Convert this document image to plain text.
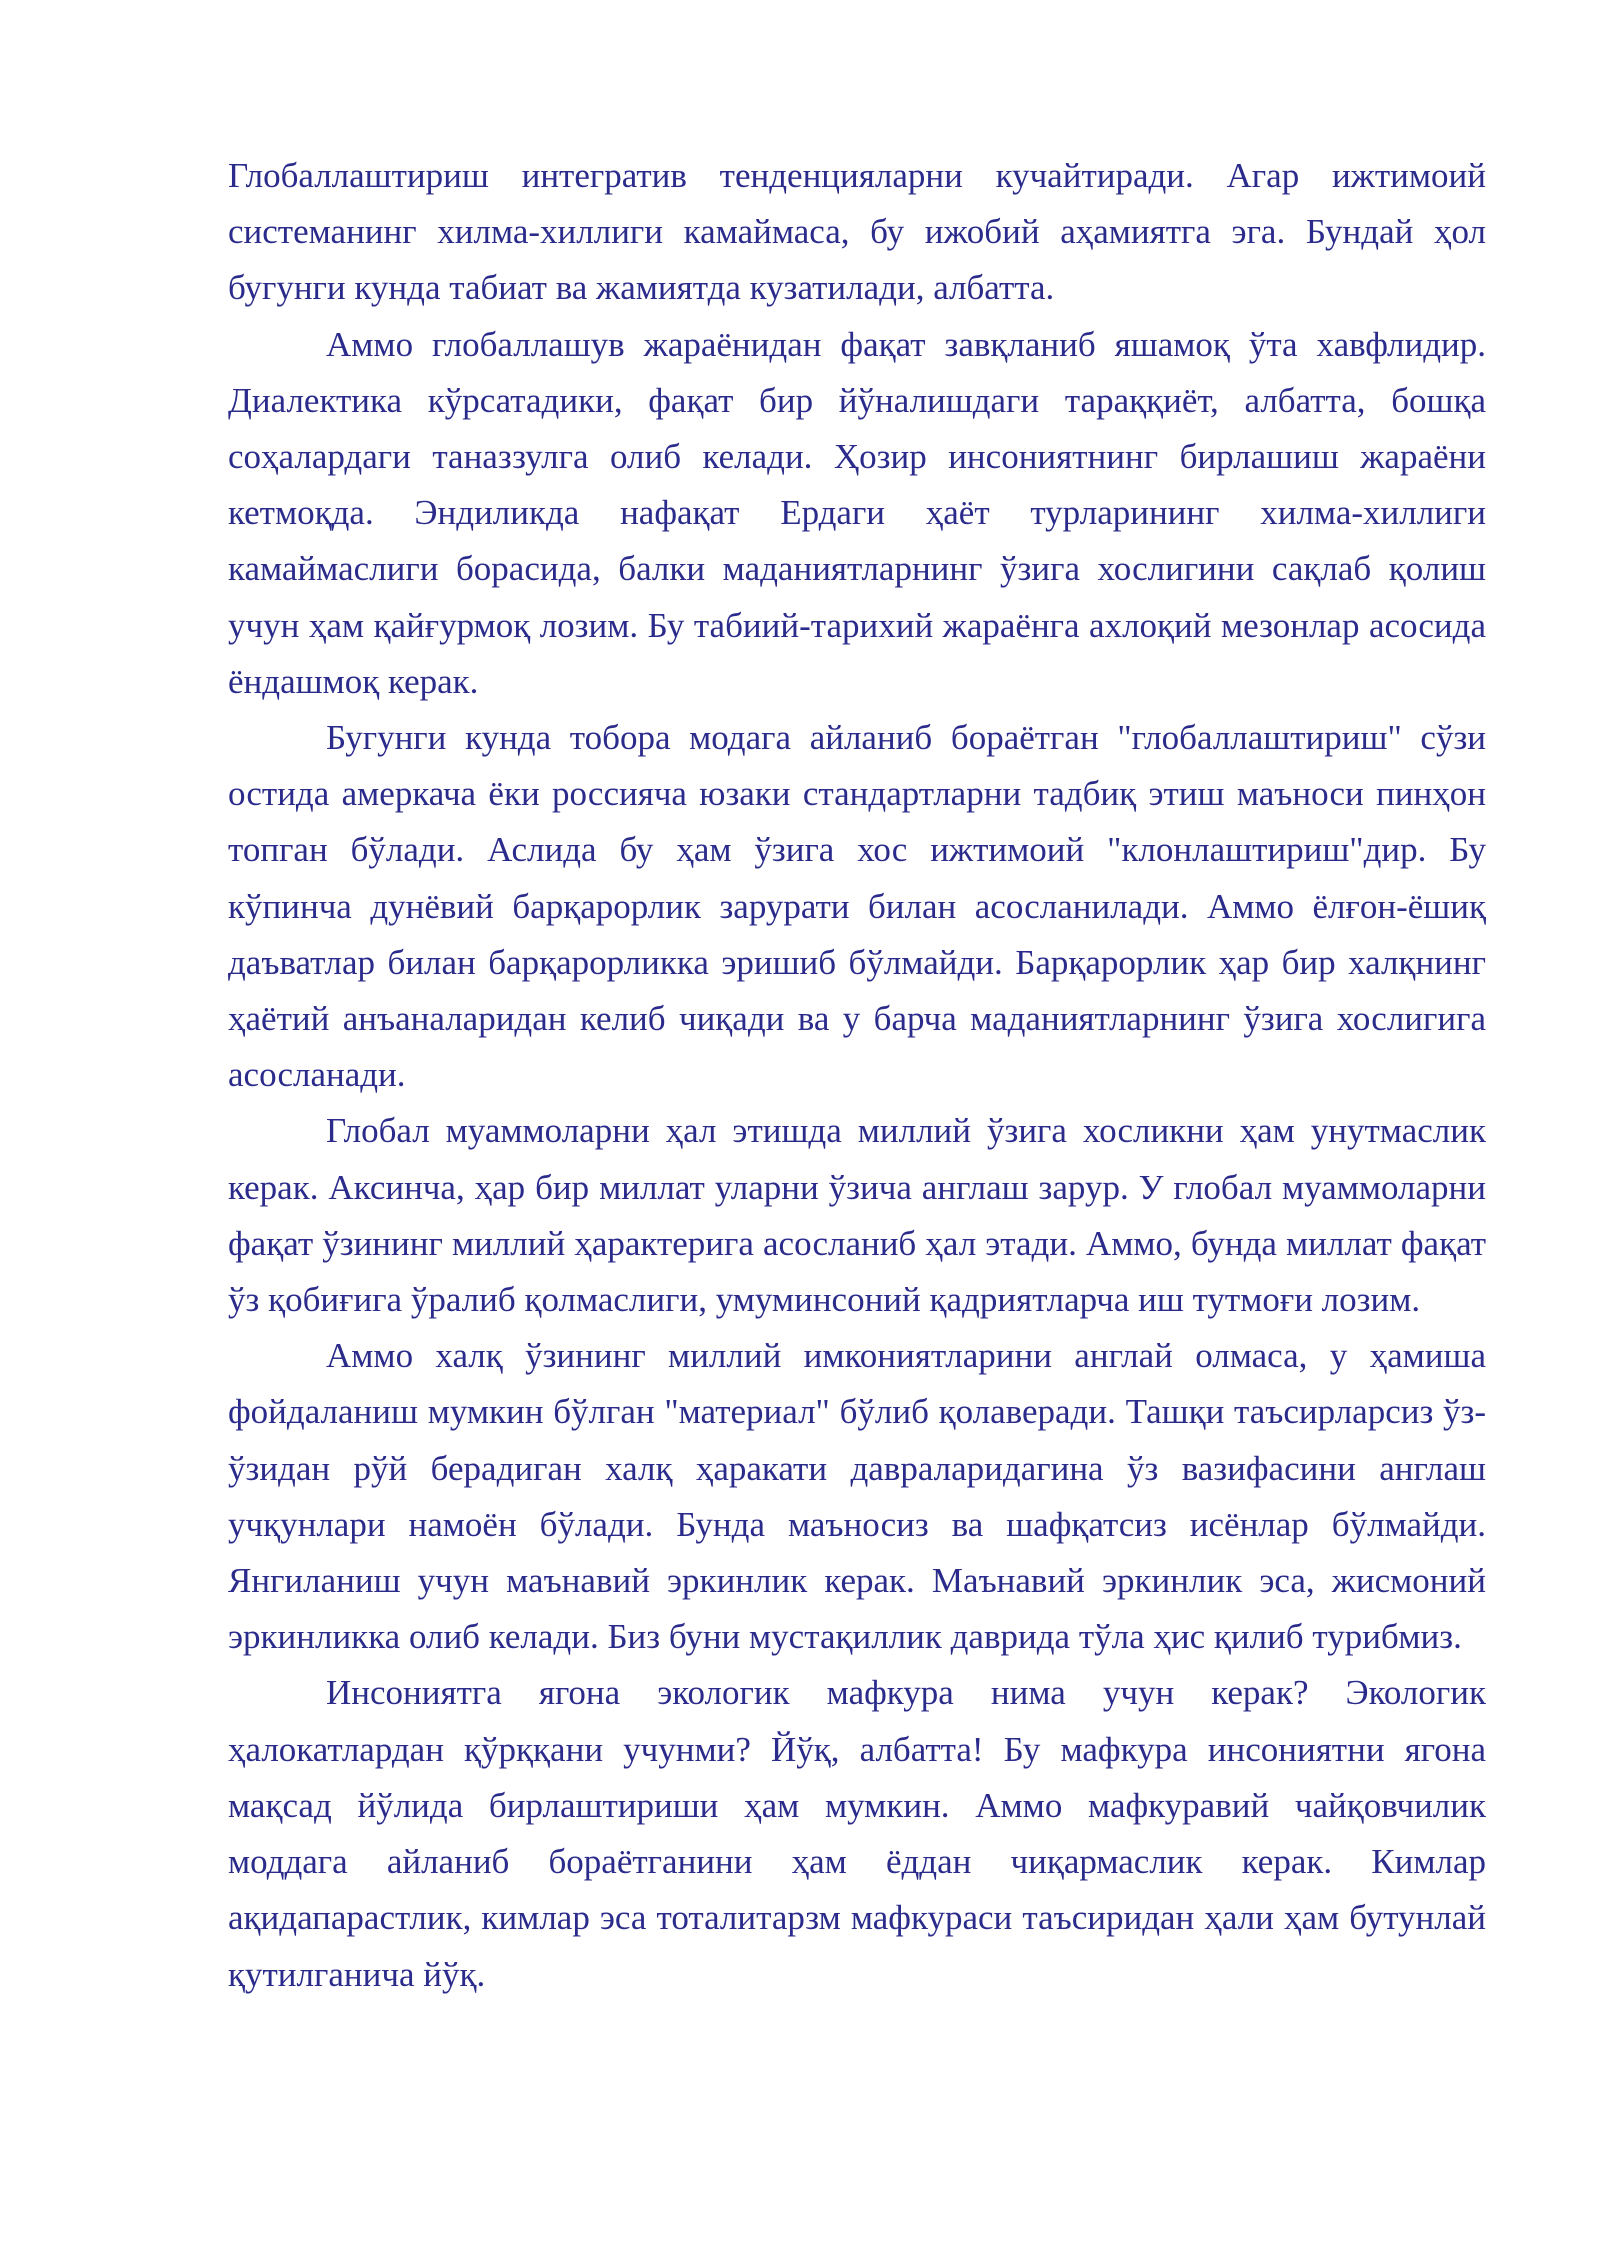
Глобаллаштириш интегратив тенденцияларни кучайтиради. Агар ижтимоий системанинг хилма-хиллиги камаймаса, бу ижобий аҳамиятга эга. Бундай ҳол бугунги кунда табиат ва жамиятда кузатилади, албатта.

Аммо глобаллашув жараёнидан фақат завқланиб яшамоқ ўта хавфлидир. Диалектика кўрсатадики, фақат бир йўналишдаги тараққиёт, албатта, бошқа соҳалардаги таназзулга олиб келади. Ҳозир инсониятнинг бирлашиш жараёни кетмоқда. Эндиликда нафақат Ердаги ҳаёт турларининг хилма-хиллиги камаймаслиги борасида, балки маданиятларнинг ўзига хослигини сақлаб қолиш учун ҳам қайғурмоқ лозим. Бу табиий-тарихий жараёнга ахлоқий мезонлар асосида ёндашмоқ керак.

Бугунги кунда тобора модага айланиб бораётган "глобаллаштириш" сўзи остида амеркача ёки россияча юзаки стандартларни тадбиқ этиш маъноси пинҳон топган бўлади. Аслида бу ҳам ўзига хос ижтимоий "клонлаштириш"дир. Бу кўпинча дунёвий барқарорлик зарурати билан асосланилади. Аммо ёлғон-ёшиқ даъватлар билан барқарорликка эришиб бўлмайди. Барқарорлик ҳар бир халқнинг ҳаётий анъаналаридан келиб чиқади ва у барча маданиятларнинг ўзига хослигига асосланади.

Глобал муаммоларни ҳал этишда миллий ўзига хосликни ҳам унутмаслик керак. Аксинча, ҳар бир миллат уларни ўзича англаш зарур. У глобал муаммоларни фақат ўзининг миллий ҳарактерига асосланиб ҳал этади. Аммо, бунда миллат фақат ўз қобиғига ўралиб қолмаслиги, умуминсоний қадриятларча иш тутмоғи лозим.

Аммо халқ ўзининг миллий имкониятларини англай олмаса, у ҳамиша фойдаланиш мумкин бўлган "материал" бўлиб қолаверади. Ташқи таъсирларсиз ўз-ўзидан рўй берадиган халқ ҳаракати давраларидагина ўз вазифасини англаш учқунлари намоён бўлади. Бунда маъносиз ва шафқатсиз исёнлар бўлмайди. Янгиланиш учун маънавий эркинлик керак. Маънавий эркинлик эса, жисмоний эркинликка олиб келади. Биз буни мустақиллик даврида тўла ҳис қилиб турибмиз.

Инсониятга ягона экологик мафкура нима учун керак? Экологик ҳалокатлардан қўрққани учунми? Йўқ, албатта! Бу мафкура инсониятни ягона мақсад йўлида бирлаштириши ҳам мумкин. Аммо мафкуравий чайқовчилик моддага айланиб бораётганини ҳам ёддан чиқармаслик керак. Кимлар ақидапарастлик, кимлар эса тоталитарзм мафкураси таъсиридан ҳали ҳам бутунлай қутилганича йўқ.
